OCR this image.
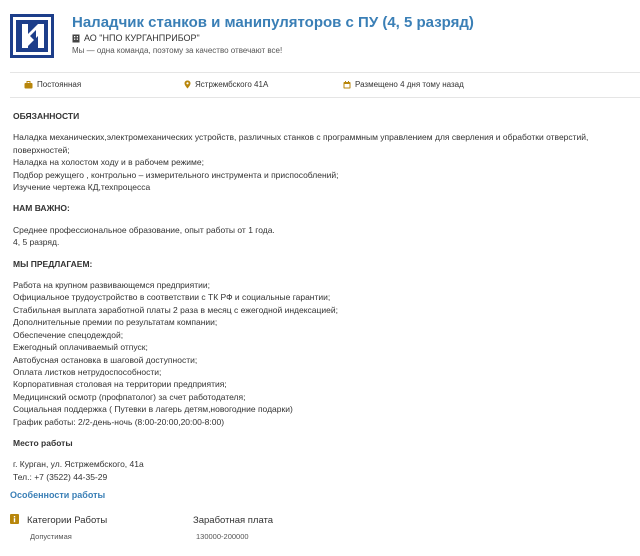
Наладчик станков и манипуляторов с ПУ (4, 5 разряд)
АО "НПО КУРГАНПРИБОР"
Мы — одна команда, поэтому за качество отвечают все!
Постоянная	Ястржембского 41А	Размещено 4 дня тому назад
ОБЯЗАННОСТИ
Наладка механических,электромеханических устройств, различных станков с программным управлением для сверления и обработки отверстий,
поверхностей;
Наладка на холостом ходу и в рабочем режиме;
Подбор режущего , контрольно – измерительного инструмента и приспособлений;
Изучение чертежа КД,техпроцесса
НАМ ВАЖНО:
Среднее профессиональное образование, опыт работы от 1 года.
4, 5 разряд.
МЫ ПРЕДЛАГАЕМ:
Работа на крупном развивающемся предприятии;
Официальное трудоустройство в соответствии с ТК РФ и социальные гарантии;
Стабильная выплата заработной платы 2 раза в месяц с ежегодной индексацией;
Дополнительные премии по результатам компании;
Обеспечение спецодеждой;
Ежегодный оплачиваемый отпуск;
Автобусная остановка в шаговой доступности;
Оплата листков нетрудоспособности;
Корпоративная столовая на территории предприятия;
Медицинский осмотр (профпатолог) за счет работодателя;
Социальная поддержка ( Путевки в лагерь детям,новогодние подарки)
График работы: 2/2-день-ночь (8:00-20:00,20:00-8:00)
Место работы
г. Курган, ул. Ястржембского, 41а
Тел.: +7 (3522) 44-35-29
Особенности работы
Категории Работы
Допустимая
Заработная плата
130000-200000
